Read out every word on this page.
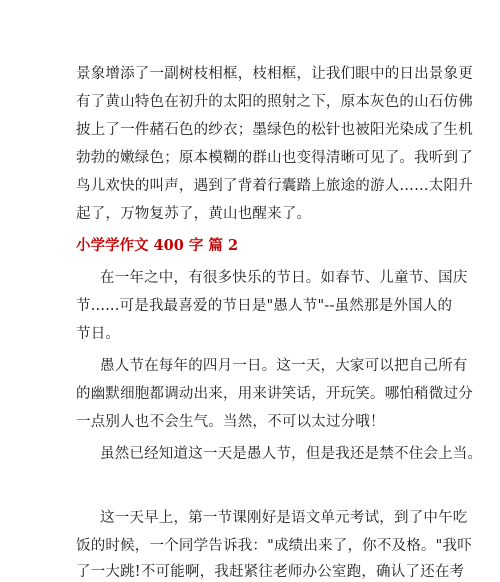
景象增添了一副树枝相框，枝相框，让我们眼中的日出景象更
有了黄山特色在初升的太阳的照射之下，原本灰色的山石仿佛
披上了一件赭石色的纱衣；墨绿色的松针也被阳光染成了生机
勃勃的嫩绿色；原本模糊的群山也变得清晰可见了。我听到了
鸟儿欢快的叫声，遇到了背着行囊踏上旅途的游人……太阳升
起了，万物复苏了，黄山也醒来了。
小学学作文 400 字 篇 2
在一年之中，有很多快乐的节日。如春节、儿童节、国庆
节......可是我最喜爱的节日是"愚人节"--虽然那是外国人的
节日。
愚人节在每年的四月一日。这一天，大家可以把自己所有
的幽默细胞都调动出来，用来讲笑话，开玩笑。哪怕稍微过分
一点别人也不会生气。当然，不可以太过分哦！
虽然已经知道这一天是愚人节，但是我还是禁不住会上当。
这一天早上，第一节课刚好是语文单元考试，到了中午吃
饭的时候，一个同学告诉我："成绩出来了，你不及格。"我吓
了一大跳!不可能啊，我赶紧往老师办公室跑，确认了还在考
